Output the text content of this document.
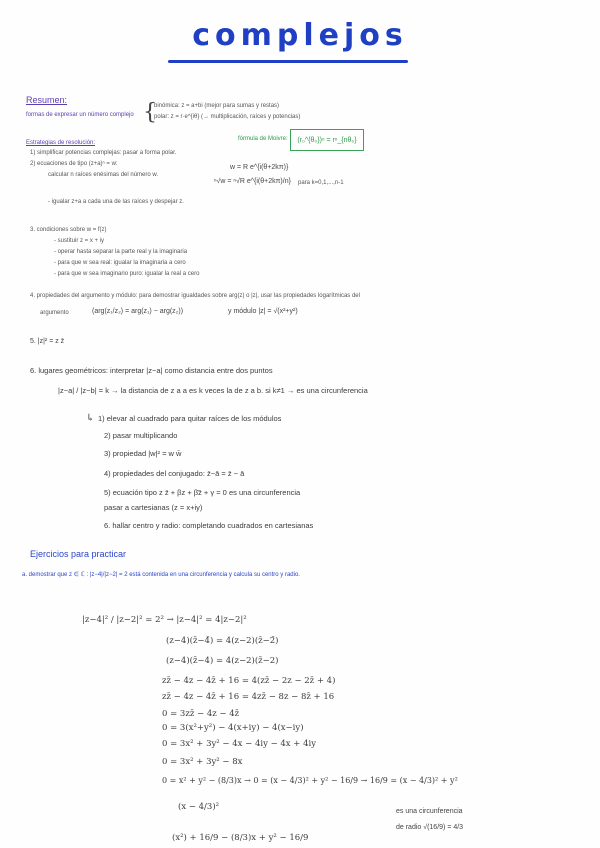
complejos
Resumen:
formas de expresar un número complejo {
binómica: z = a+bi (mejor para sumas y restas)
polar: z = r·e^{iθ} (→ multiplicación, raíces y potencias)
Estrategias de resolución:
1) simplificar potencias complejas: pasar a forma polar.
fórmula de Moivre:	(r₀^{θ₀})ⁿ = rⁿ_{nθ₀}
2) ecuaciones de tipo (z+a)ⁿ = w:
calcular n raíces enésimas del número w.
w = R e^{i(θ+2kπ)}
ⁿ√w = ⁿ√R e^{i(θ+2kπ)/n} para k=0,1,...,n-1
- igualar z+a a cada una de las raíces y despejar z.
3. condiciones sobre w = f(z)
- sustituir z = x + iy
- operar hasta separar la parte real y la imaginaria
- para que w sea real: igualar la imaginaria a cero
- para que w sea imaginario puro: igualar la real a cero
4. propiedades del argumento y módulo: para demostrar igualdades sobre arg(z) o |z|, usar las propiedades logarítmicas del
argumento	(arg(z₁/z₂) = arg(z₁) − arg(z₂))	y módulo |z| = √(x²+y²)
5. |z|² = z z̄
6. lugares geométricos: interpretar |z−a| como distancia entre dos puntos
|z−a| / |z−b| = k → la distancia de z a a es k veces la de z a b. si k≠1 → es una circunferencia
↳ 1) elevar al cuadrado para quitar raíces de los módulos
2) pasar multiplicando
3) propiedad |w|² = w w̄
4) propiedades del conjugado: z̄−ā = z̄ − ā
5) ecuación tipo z z̄ + βz + β̄z̄ + γ = 0 es una circunferencia
pasar a cartesianas (z = x+iy)
6. hallar centro y radio: completando cuadrados en cartesianas
Ejercicios para practicar
a. demostrar que z ∈ ℂ : |z−4|/|z−2| = 2 está contenida en una circunferencia y calcula su centro y radio.
|z−4|² / |z−2|² = 2² → |z−4|² = 4|z−2|²
(z−4)(z̄−4̄) = 4(z−2)(z̄−2̄)
(z−4)(z̄−4) = 4(z−2)(z̄−2)
zz̄ − 4z − 4z̄ + 16 = 4(zz̄ − 2z − 2z̄ + 4)
zz̄ − 4z − 4z̄ + 16 = 4zz̄ − 8z − 8z̄ + 16
0 = 3zz̄ − 4z − 4z̄
0 = 3(x²+y²) − 4(x+iy) − 4(x−iy)
0 = 3x² + 3y² − 4x − 4iy − 4x + 4iy
0 = 3x² + 3y² − 8x
0 = x² + y² − (8/3)x → 0 = (x − 4/3)² + y² − 16/9 → 16/9 = (x − 4/3)² + y²
(x − 4/3)²
(x²) + 16/9 − (8/3)x + y² − 16/9
es una circunferencia
de radio √(16/9) = 4/3
